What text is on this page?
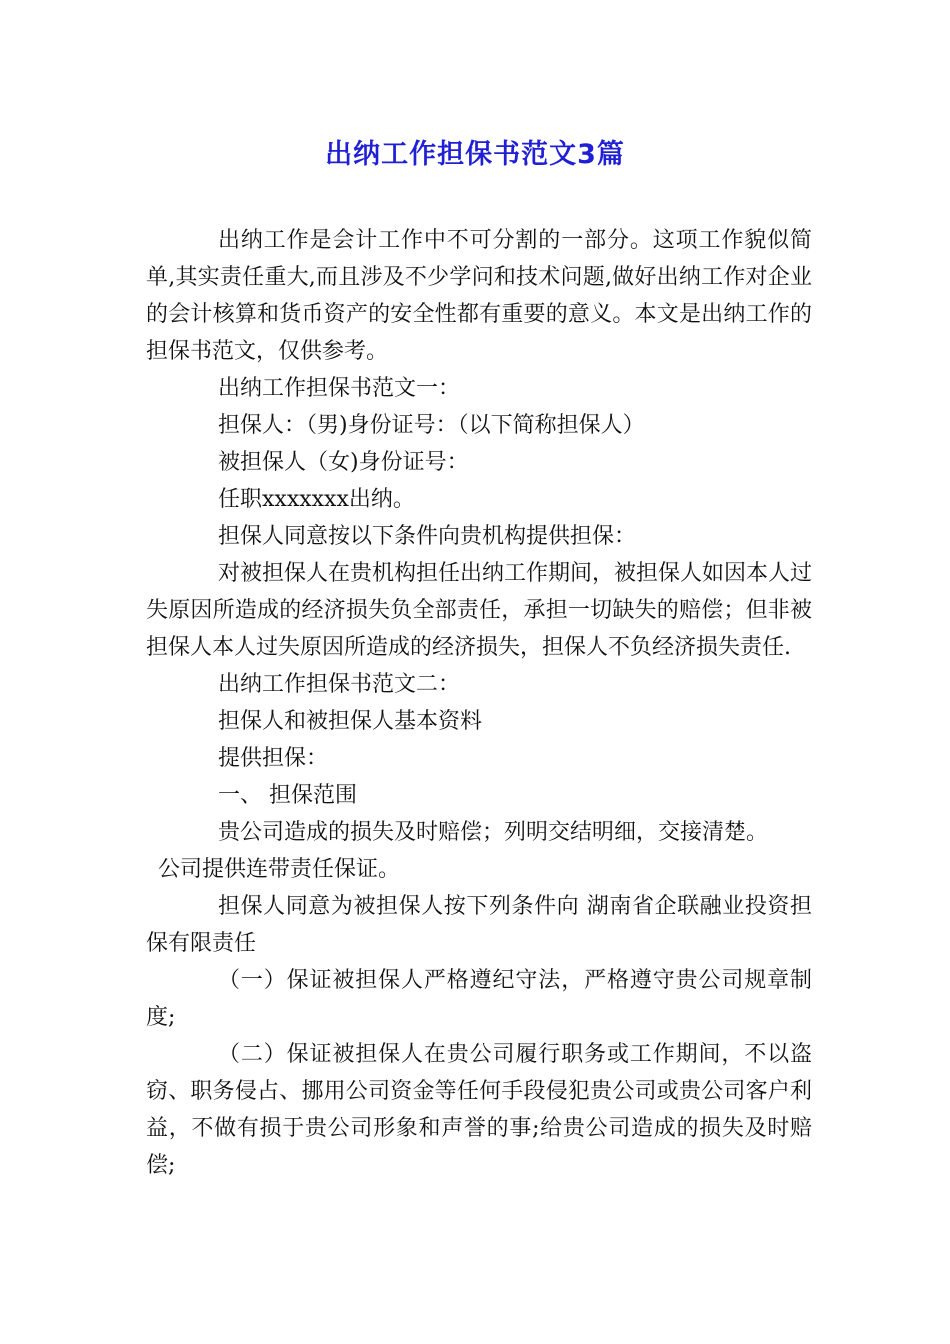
出纳工作担保书范文3篇

出纳工作是会计工作中不可分割的一部分。这项工作貌似简单,其实责任重大,而且涉及不少学问和技术问题,做好出纳工作对企业的会计核算和货币资产的安全性都有重要的意义。本文是出纳工作的担保书范文，仅供参考。

出纳工作担保书范文一：

担保人：（男)身份证号：（以下简称担保人）

被担保人（女)身份证号：

任职xxxxxxx出纳。

担保人同意按以下条件向贵机构提供担保：

对被担保人在贵机构担任出纳工作期间，被担保人如因本人过失原因所造成的经济损失负全部责任，承担一切缺失的赔偿；但非被担保人本人过失原因所造成的经济损失，担保人不负经济损失责任.

出纳工作担保书范文二：

担保人和被担保人基本资料

提供担保：

一、 担保范围

贵公司造成的损失及时赔偿；列明交结明细，交接清楚。

公司提供连带责任保证。

担保人同意为被担保人按下列条件向 湖南省企联融业投资担保有限责任

（一）保证被担保人严格遵纪守法，严格遵守贵公司规章制度;

（二）保证被担保人在贵公司履行职务或工作期间，不以盗窃、职务侵占、挪用公司资金等任何手段侵犯贵公司或贵公司客户利益，不做有损于贵公司形象和声誉的事;给贵公司造成的损失及时赔偿;
